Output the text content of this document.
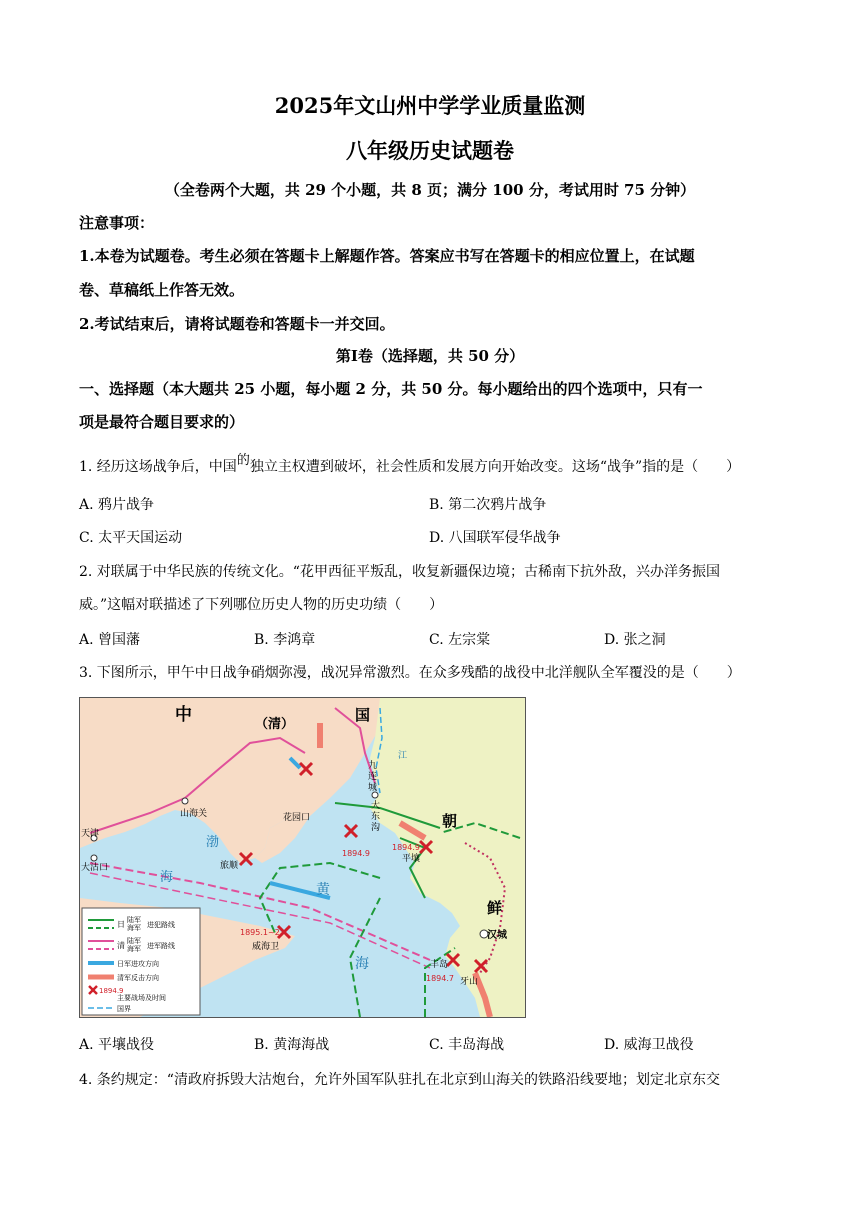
2025年文山州中学学业质量监测
八年级历史试题卷
（全卷两个大题，共 29 个小题，共 8 页；满分 100 分，考试用时 75 分钟）
注意事项：
1.本卷为试题卷。考生必须在答题卡上解题作答。答案应书写在答题卡的相应位置上，在试题
卷、草稿纸上作答无效。
2.考试结束后，请将试题卷和答题卡一并交回。
第Ⅰ卷（选择题，共 50 分）
一、选择题（本大题共 25 小题，每小题 2 分，共 50 分。每小题给出的四个选项中，只有一
项是最符合题目要求的）
1. 经历这场战争后，中国的独立主权遭到破坏，社会性质和发展方向开始改变。这场“战争”指的是（　　）
A. 鸦片战争	B. 第二次鸦片战争
C. 太平天国运动	D. 八国联军侵华战争
2. 对联属于中华民族的传统文化。“花甲西征平叛乱，收复新疆保边境；古稀南下抗外敌，兴办洋务振国
威。”这幅对联描述了下列哪位历史人物的历史功绩（　　）
A. 曾国藩	B. 李鸿章	C. 左宗棠	D. 张之洞
3. 下图所示，甲午中日战争硝烟弥漫，战况异常激烈。在众多残酷的战役中北洋舰队全军覆没的是（　　）
中	（清）
国
朝
鲜
渤
海
黄
海
山海关
天津
大沽口
花园口
旅顺
威海卫
九
连
城
大
东
沟
平壤
汉城
丰岛
牙山
江
1894.9
1894.9
1895.1~2
1894.7
日 陆军
海军 进犯路线
清 陆军
海军 进军路线
日军进攻方向
清军反击方向
1894.9
主要战场及时间
国界
A. 平壤战役	B. 黄海海战	C. 丰岛海战	D. 威海卫战役
4. 条约规定：“清政府拆毁大沽炮台，允许外国军队驻扎在北京到山海关的铁路沿线要地；划定北京东交
